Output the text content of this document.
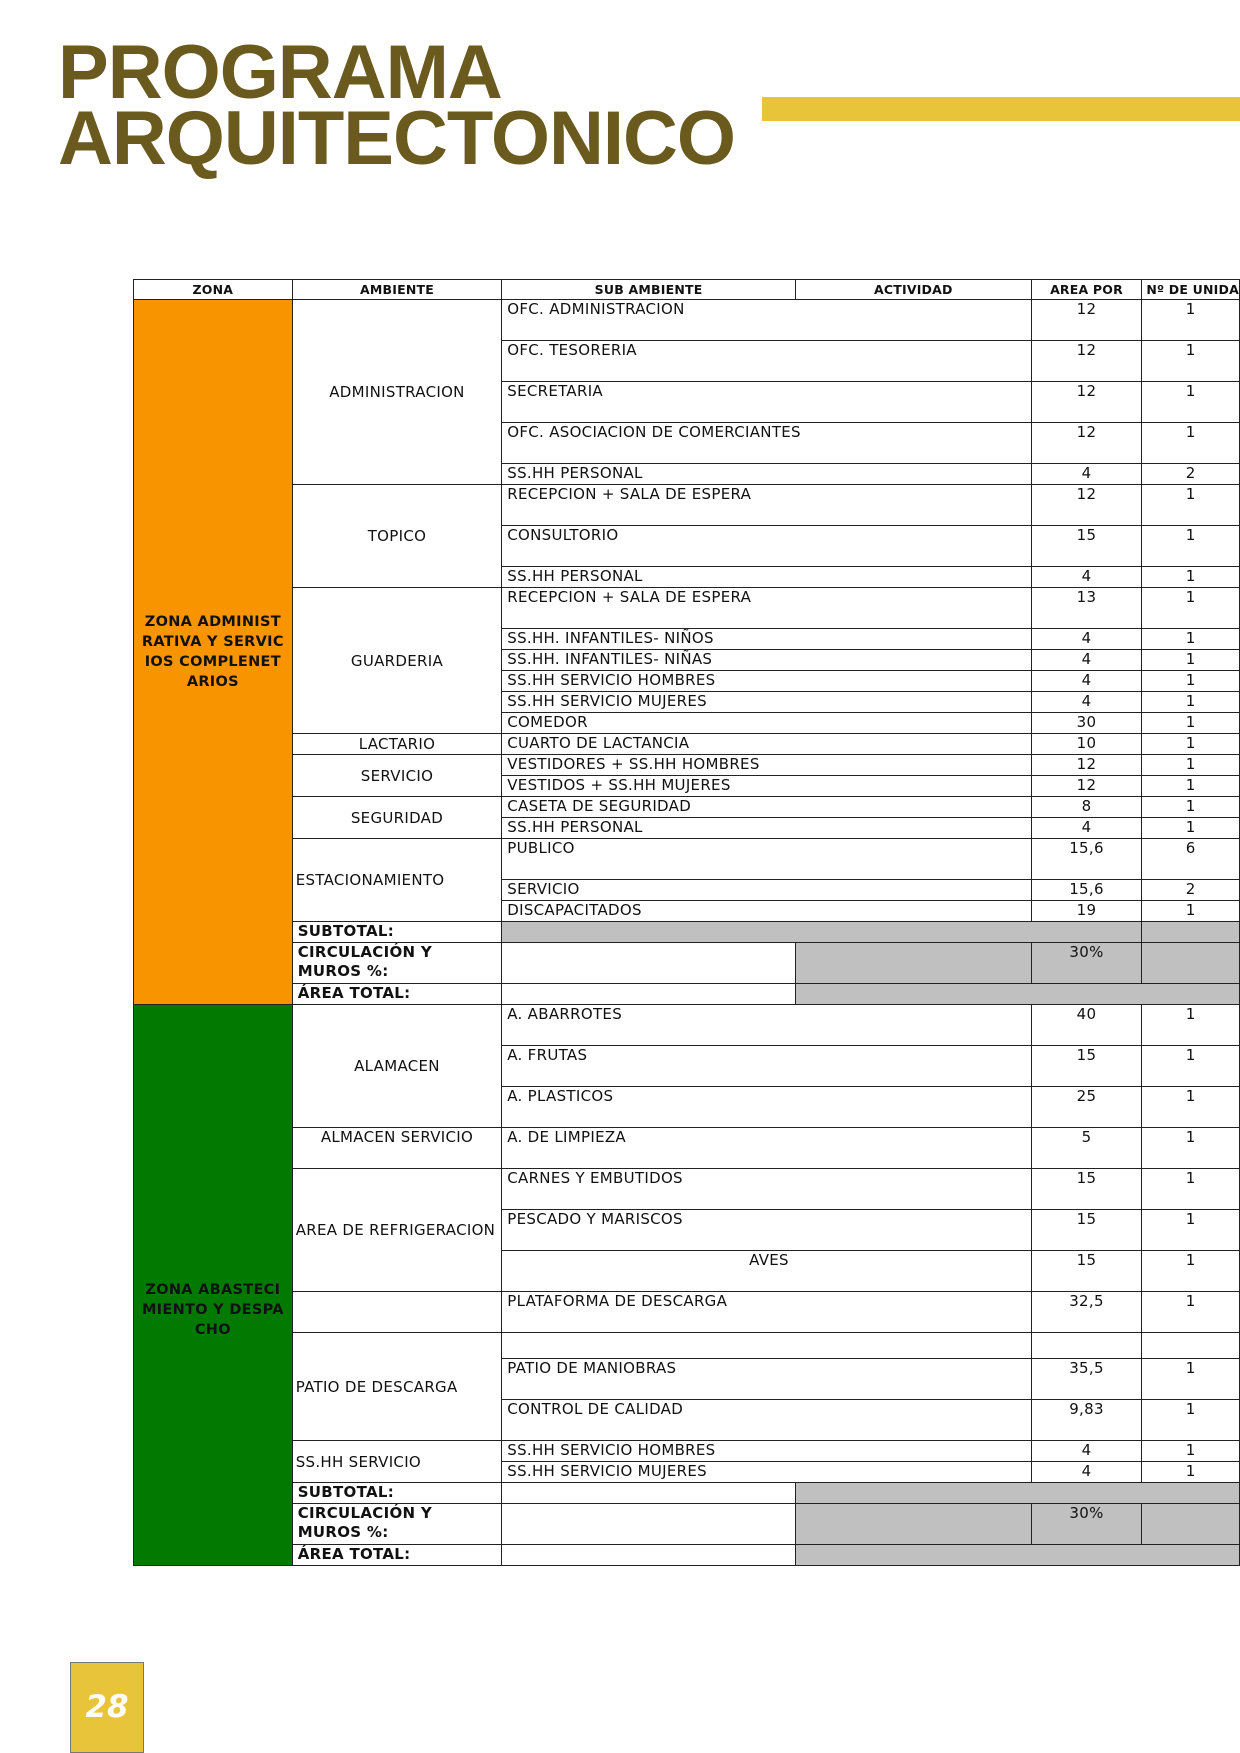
PROGRAMA
ARQUITECTONICO
ZONA	AMBIENTE	SUB AMBIENTE	ACTIVIDAD	AREA POR	Nº DE UNIDA
ZONA ADMINISTRATIVA Y SERVICIOS COMPLENETARIOS	ADMINISTRACION	OFC. ADMINISTRACION		12	1
		OFC. TESORERIA		12	1
		SECRETARIA		12	1
		OFC. ASOCIACION DE COMERCIANTES		12	1
		SS.HH PERSONAL		4	2
	TOPICO	RECEPCION + SALA DE ESPERA		12	1
		CONSULTORIO		15	1
		SS.HH PERSONAL		4	1
	GUARDERIA	RECEPCION + SALA DE ESPERA		13	1
		SS.HH. INFANTILES- NIÑOS		4	1
		SS.HH. INFANTILES- NIÑAS		4	1
		SS.HH SERVICIO HOMBRES		4	1
		SS.HH SERVICIO MUJERES		4	1
		COMEDOR		30	1
	LACTARIO	CUARTO DE LACTANCIA		10	1
	SERVICIO	VESTIDORES + SS.HH HOMBRES		12	1
		VESTIDOS + SS.HH MUJERES		12	1
	SEGURIDAD	CASETA DE SEGURIDAD		8	1
		SS.HH PERSONAL		4	1
	ESTACIONAMIENTO	PUBLICO		15,6	6
		SERVICIO		15,6	2
		DISCAPACITADOS		19	1
	SUBTOTAL:				
	CIRCULACIÓN Y MUROS %:			30%	
	ÁREA TOTAL:				
ZONA ABASTECIMIENTO Y DESPACHO	ALAMACEN	A. ABARROTES		40	1
		A. FRUTAS		15	1
		A. PLASTICOS		25	1
	ALMACEN SERVICIO	A. DE LIMPIEZA		5	1
	AREA DE REFRIGERACION	CARNES Y EMBUTIDOS		15	1
		PESCADO Y MARISCOS		15	1
		AVES		15	1
		PLATAFORMA DE DESCARGA		32,5	1
	PATIO DE DESCARGA				
		PATIO DE MANIOBRAS		35,5	1
		CONTROL DE CALIDAD		9,83	1
	SS.HH SERVICIO	SS.HH SERVICIO HOMBRES		4	1
		SS.HH SERVICIO MUJERES		4	1
	SUBTOTAL:				
	CIRCULACIÓN Y MUROS %:			30%	
	ÁREA TOTAL:				
28
